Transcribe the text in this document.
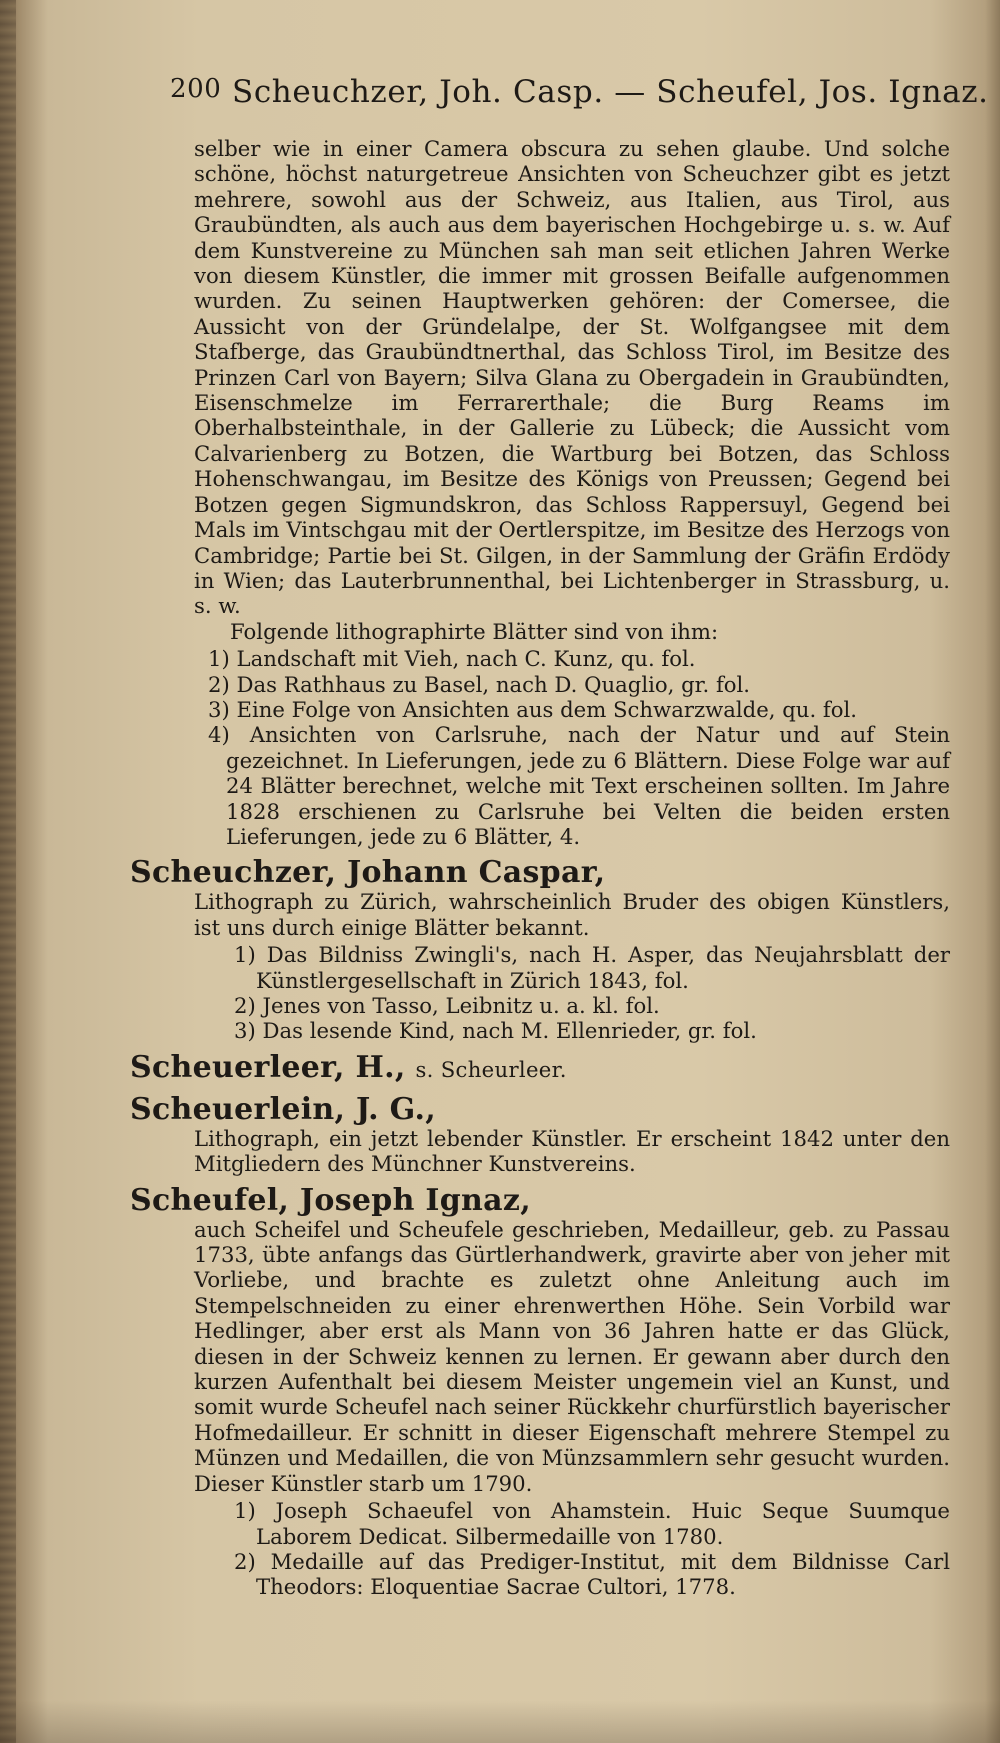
200 Scheuchzer, Joh. Casp. — Scheufel, Jos. Ignaz.

selber wie in einer Camera obscura zu sehen glaube. Und solche schöne, höchst naturgetreue Ansichten von Scheuchzer gibt es jetzt mehrere, sowohl aus der Schweiz, aus Italien, aus Tirol, aus Graubündten, als auch aus dem bayerischen Hochgebirge u. s. w. Auf dem Kunstvereine zu München sah man seit etlichen Jahren Werke von diesem Künstler, die immer mit grossen Beifalle aufgenommen wurden. Zu seinen Hauptwerken gehören: der Comersee, die Aussicht von der Gründelalpe, der St. Wolfgangsee mit dem Stafberge, das Graubündtnerthal, das Schloss Tirol, im Besitze des Prinzen Carl von Bayern; Silva Glana zu Obergadein in Graubündten, Eisenschmelze im Ferrarerthale; die Burg Reams im Oberhalbsteinthale, in der Gallerie zu Lübeck; die Aussicht vom Calvarienberg zu Botzen, die Wartburg bei Botzen, das Schloss Hohenschwangau, im Besitze des Königs von Preussen; Gegend bei Botzen gegen Sigmundskron, das Schloss Rappersuyl, Gegend bei Mals im Vintschgau mit der Oertlerspitze, im Besitze des Herzogs von Cambridge; Partie bei St. Gilgen, in der Sammlung der Gräfin Erdödy in Wien; das Lauterbrunnenthal, bei Lichtenberger in Strassburg, u. s. w.

Folgende lithographirte Blätter sind von ihm:

1) Landschaft mit Vieh, nach C. Kunz, qu. fol.
2) Das Rathhaus zu Basel, nach D. Quaglio, gr. fol.
3) Eine Folge von Ansichten aus dem Schwarzwalde, qu. fol.
4) Ansichten von Carlsruhe, nach der Natur und auf Stein gezeichnet. In Lieferungen, jede zu 6 Blättern. Diese Folge war auf 24 Blätter berechnet, welche mit Text erscheinen sollten. Im Jahre 1828 erschienen zu Carlsruhe bei Velten die beiden ersten Lieferungen, jede zu 6 Blätter, 4.
Scheuchzer, Johann Caspar,

Lithograph zu Zürich, wahrscheinlich Bruder des obigen Künstlers, ist uns durch einige Blätter bekannt.

1) Das Bildniss Zwingli's, nach H. Asper, das Neujahrsblatt der Künstlergesellschaft in Zürich 1843, fol.
2) Jenes von Tasso, Leibnitz u. a. kl. fol.
3) Das lesende Kind, nach M. Ellenrieder, gr. fol.
Scheuerleer, H., s. Scheurleer.
Scheuerlein, J. G.,

Lithograph, ein jetzt lebender Künstler. Er erscheint 1842 unter den Mitgliedern des Münchner Kunstvereins.

Scheufel, Joseph Ignaz,

auch Scheifel und Scheufele geschrieben, Medailleur, geb. zu Passau 1733, übte anfangs das Gürtlerhandwerk, gravirte aber von jeher mit Vorliebe, und brachte es zuletzt ohne Anleitung auch im Stempelschneiden zu einer ehrenwerthen Höhe. Sein Vorbild war Hedlinger, aber erst als Mann von 36 Jahren hatte er das Glück, diesen in der Schweiz kennen zu lernen. Er gewann aber durch den kurzen Aufenthalt bei diesem Meister ungemein viel an Kunst, und somit wurde Scheufel nach seiner Rückkehr churfürstlich bayerischer Hofmedailleur. Er schnitt in dieser Eigenschaft mehrere Stempel zu Münzen und Medaillen, die von Münzsammlern sehr gesucht wurden. Dieser Künstler starb um 1790.

1) Joseph Schaeufel von Ahamstein. Huic Seque Suumque Laborem Dedicat. Silbermedaille von 1780.
2) Medaille auf das Prediger-Institut, mit dem Bildnisse Carl Theodors: Eloquentiae Sacrae Cultori, 1778.
